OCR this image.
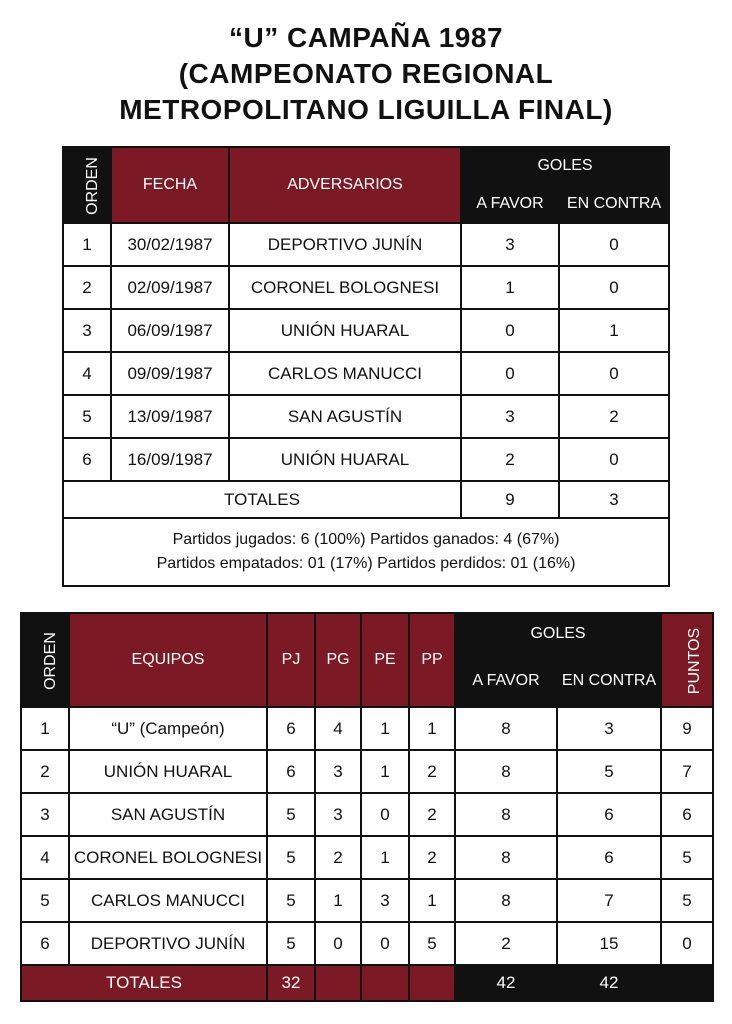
“U” CAMPAÑA 1987
(CAMPEONATO REGIONAL
METROPOLITANO LIGUILLA FINAL)
ORDEN	FECHA	ADVERSARIOS	GOLES	
			A FAVOR	EN CONTRA
1	30/02/1987	DEPORTIVO JUNÍN	3	0
2	02/09/1987	CORONEL BOLOGNESI	1	0
3	06/09/1987	UNIÓN HUARAL	0	1
4	09/09/1987	CARLOS MANUCCI	0	0
5	13/09/1987	SAN AGUSTÍN	3	2
6	16/09/1987	UNIÓN HUARAL	2	0
TOTALES			9	3

Partidos jugados: 6 (100%) Partidos ganados: 4 (67%)
Partidos empatados: 01 (17%) Partidos perdidos: 01 (16%)				
ORDEN	EQUIPOS	PJ	PG	PE	PP	GOLES		PUNTOS
						A FAVOR	EN CONTRA	
1	“U” (Campeón)	6	4	1	1	8	3	9
2	UNIÓN HUARAL	6	3	1	2	8	5	7
3	SAN AGUSTÍN	5	3	0	2	8	6	6
4	CORONEL BOLOGNESI	5	2	1	2	8	6	5
5	CARLOS MANUCCI	5	1	3	1	8	7	5
6	DEPORTIVO JUNÍN	5	0	0	5	2	15	0
TOTALES		32				42	42	
